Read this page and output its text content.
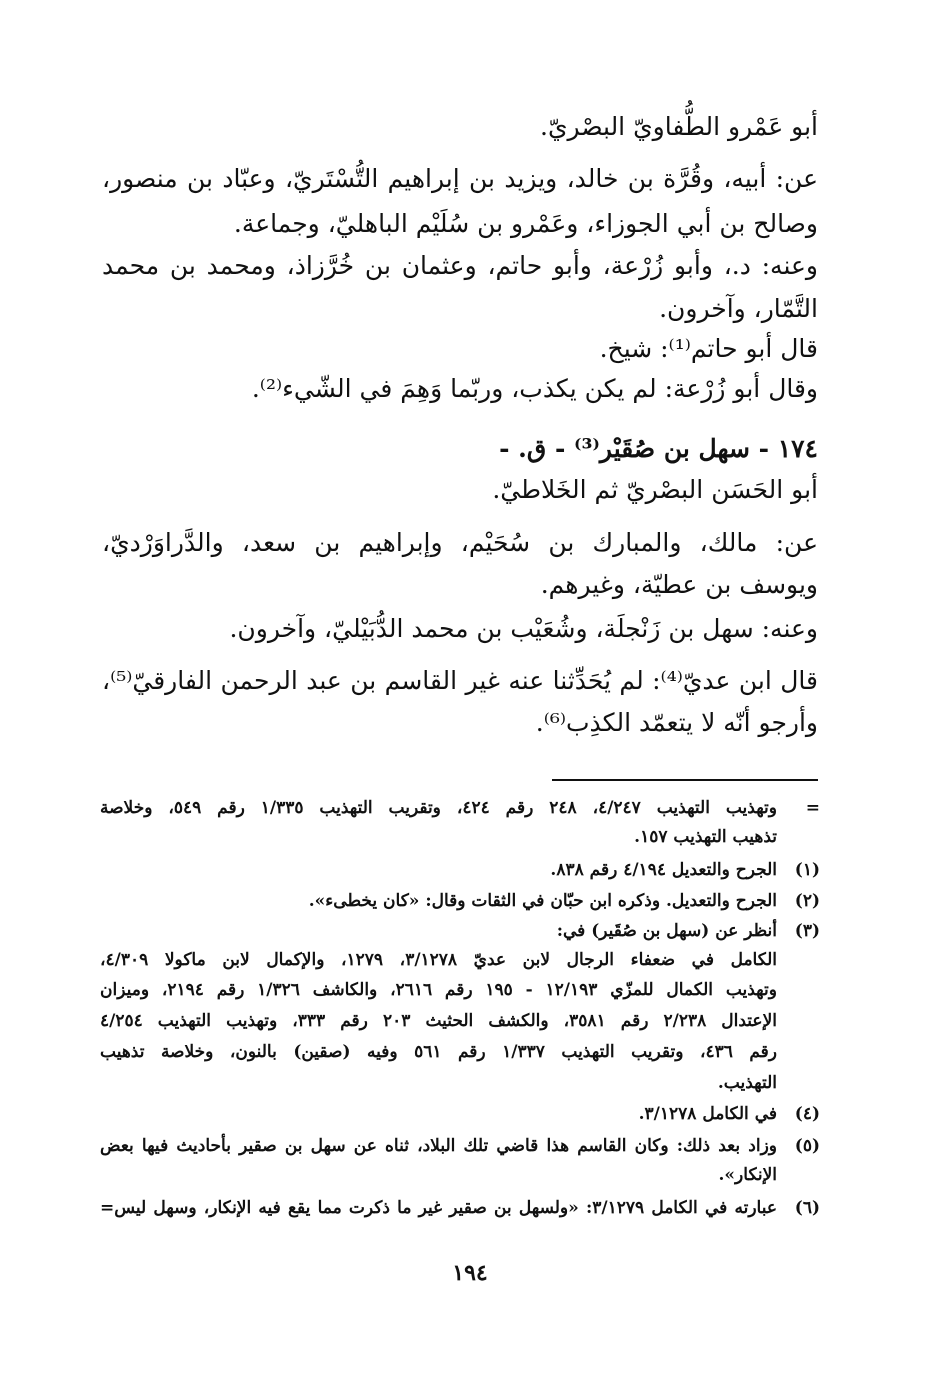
أبو عَمْرو الطُّفاويّ البصْريّ.
عن: أبيه، وقُرَّة بن خالد، ويزيد بن إبراهيم التُّسْتَريّ، وعبّاد بن منصور،
وصالح بن أبي الجوزاء، وعَمْرو بن سُلَيْم الباهليّ، وجماعة.
وعنه: د.، وأبو زُرْعة، وأبو حاتم، وعثمان بن خُرَّزاذ، ومحمد بن محمد
التَّمّار، وآخرون.
قال أبو حاتم⁽¹⁾: شيخ.
وقال أبو زُرْعة: لم يكن يكذب، وربّما وَهِمَ في الشّيء⁽²⁾.
١٧٤ - سهل بن صُقَيْر⁽³⁾ - ق. -
أبو الحَسَن البصْريّ ثم الخَلاطيّ.
عن: مالك، والمبارك بن سُحَيْم، وإبراهيم بن سعد، والدَّراوَرْديّ،
ويوسف بن عطيّة، وغيرهم.
وعنه: سهل بن زَنْجلَة، وشُعَيْب بن محمد الدُّبَيْليّ، وآخرون.
قال ابن عديّ⁽⁴⁾: لم يُحَدِّثنا عنه غير القاسم بن عبد الرحمن الفارقيّ⁽⁵⁾،
وأرجو أنّه لا يتعمّد الكذِب⁽⁶⁾.
=
وتهذيب التهذيب ٤/٢٤٧، ٢٤٨ رقم ٤٢٤، وتقريب التهذيب ١/٣٣٥ رقم ٥٤٩، وخلاصة
تذهيب التهذيب ١٥٧.
(١)
الجرح والتعديل ٤/١٩٤ رقم ٨٣٨.
(٢)
الجرح والتعديل. وذكره ابن حبّان في الثقات وقال: «كان يخطىء».
(٣)
أنظر عن (سهل بن صُقَير) في:
الكامل في ضعفاء الرجال لابن عديّ ٣/١٢٧٨، ١٢٧٩، والإكمال لابن ماكولا ٤/٣٠٩،
وتهذيب الكمال للمزّي ١٢/١٩٣ - ١٩٥ رقم ٢٦١٦، والكاشف ١/٣٢٦ رقم ٢١٩٤، وميزان
الإعتدال ٢/٢٣٨ رقم ٣٥٨١، والكشف الحثيث ٢٠٣ رقم ٣٣٣، وتهذيب التهذيب ٤/٢٥٤
رقم ٤٣٦، وتقريب التهذيب ١/٣٣٧ رقم ٥٦١ وفيه (صقين) بالنون، وخلاصة تذهيب
التهذيب.
(٤)
في الكامل ٣/١٢٧٨.
(٥)
وزاد بعد ذلك: وكان القاسم هذا قاضي تلك البلاد، ثناه عن سهل بن صقير بأحاديث فيها بعض
الإنكار».
(٦)
عبارته في الكامل ٣/١٢٧٩: «ولسهل بن صقير غير ما ذكرت مما يقع فيه الإنكار، وسهل ليس=
١٩٤
